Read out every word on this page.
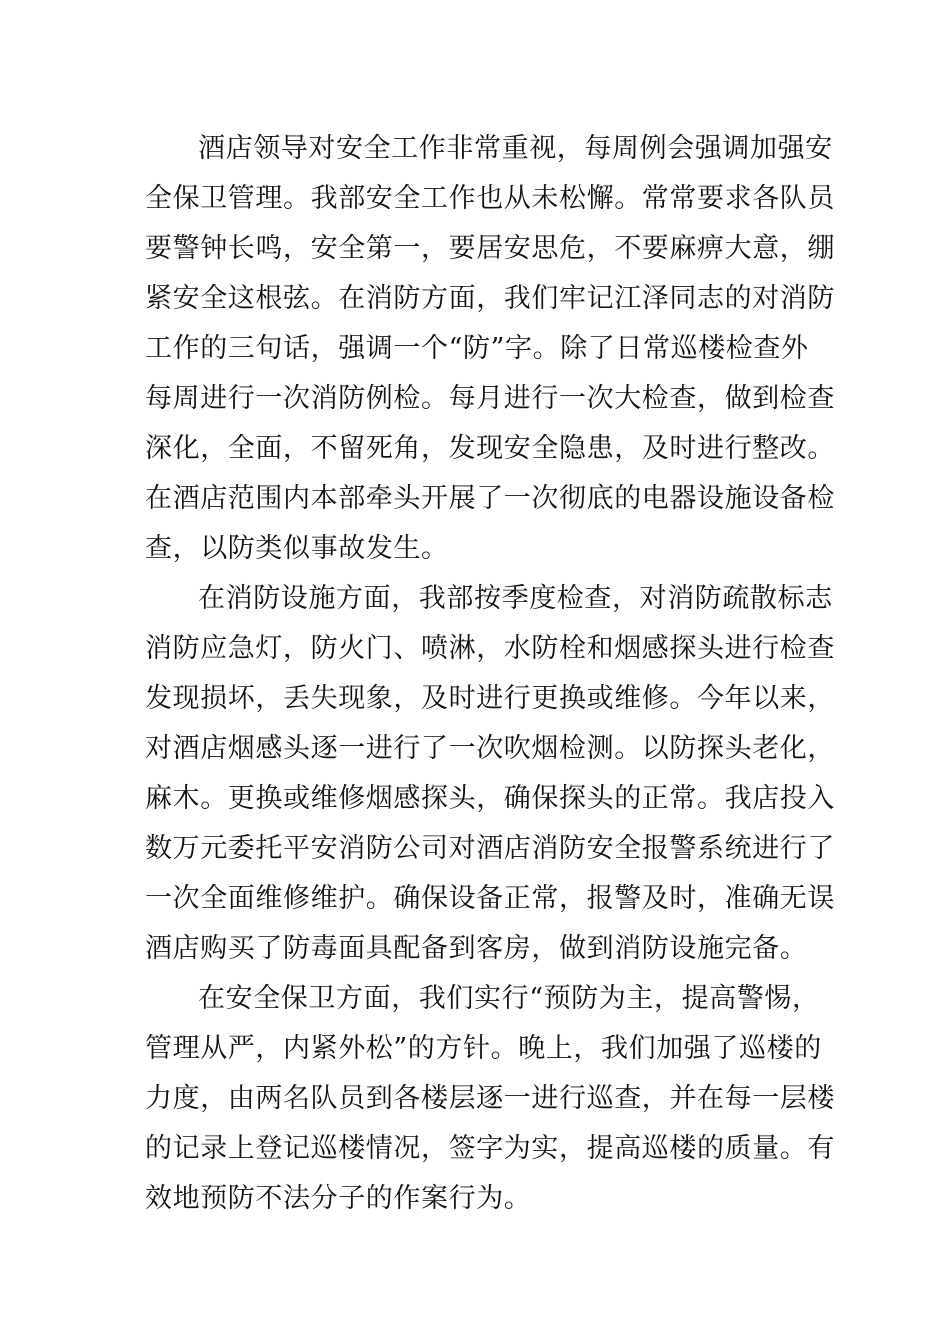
酒店领导对安全工作非常重视，每周例会强调加强安
全保卫管理。我部安全工作也从未松懈。常常要求各队员
要警钟长鸣，安全第一，要居安思危，不要麻痹大意，绷
紧安全这根弦。在消防方面，我们牢记江泽同志的对消防
工作的三句话，强调一个“防”字。除了日常巡楼检查外
每周进行一次消防例检。每月进行一次大检查，做到检查
深化，全面，不留死角，发现安全隐患，及时进行整改。
在酒店范围内本部牵头开展了一次彻底的电器设施设备检
查，以防类似事故发生。
在消防设施方面，我部按季度检查，对消防疏散标志
消防应急灯，防火门、喷淋，水防栓和烟感探头进行检查
发现损坏，丢失现象，及时进行更换或维修。今年以来，
对酒店烟感头逐一进行了一次吹烟检测。以防探头老化，
麻木。更换或维修烟感探头，确保探头的正常。我店投入
数万元委托平安消防公司对酒店消防安全报警系统进行了
一次全面维修维护。确保设备正常，报警及时，准确无误
酒店购买了防毒面具配备到客房，做到消防设施完备。
在安全保卫方面，我们实行“预防为主，提高警惕，
管理从严，内紧外松”的方针。晚上，我们加强了巡楼的
力度，由两名队员到各楼层逐一进行巡查，并在每一层楼
的记录上登记巡楼情况，签字为实，提高巡楼的质量。有
效地预防不法分子的作案行为。
